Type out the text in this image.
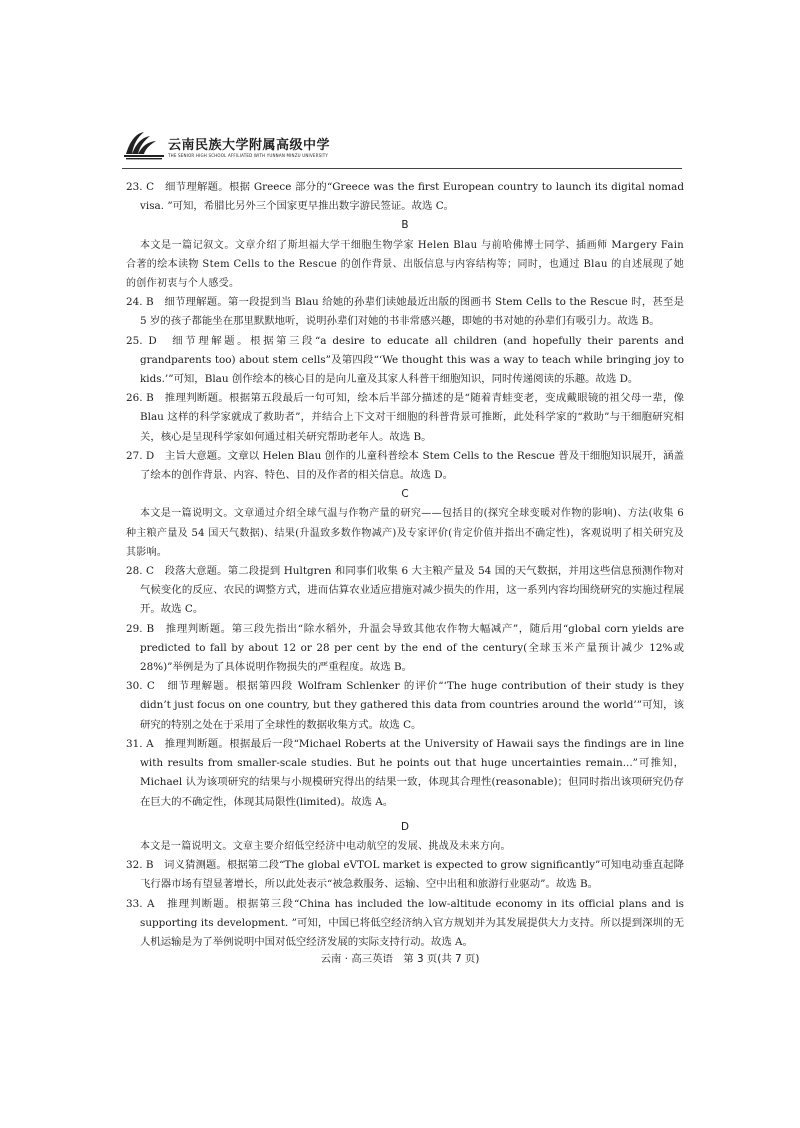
云南民族大学附属高级中学
THE SENIOR HIGH SCHOOL AFFILIATED WITH YUNNAN MINZU UNIVERSITY

23. C　细节理解题。根据 Greece 部分的“Greece was the first European country to launch its digital nomad visa. ”可知，希腊比另外三个国家更早推出数字游民签证。故选 C。

B

本文是一篇记叙文。文章介绍了斯坦福大学干细胞生物学家 Helen Blau 与前哈佛博士同学、插画师 Margery Fain 合著的绘本读物 Stem Cells to the Rescue 的创作背景、出版信息与内容结构等；同时，也通过 Blau 的自述展现了她的创作初衷与个人感受。

24. B　细节理解题。第一段提到当 Blau 给她的孙辈们读她最近出版的图画书 Stem Cells to the Rescue 时，甚至是 5 岁的孩子都能坐在那里默默地听，说明孙辈们对她的书非常感兴趣，即她的书对她的孙辈们有吸引力。故选 B。

25. D　细节理解题。根据第三段“a desire to educate all children (and hopefully their parents and grandparents too) about stem cells”及第四段“‘We thought this was a way to teach while bringing joy to kids.’”可知，Blau 创作绘本的核心目的是向儿童及其家人科普干细胞知识，同时传递阅读的乐趣。故选 D。

26. B　推理判断题。根据第五段最后一句可知，绘本后半部分描述的是“随着青蛙变老，变成戴眼镜的祖父母一辈，像 Blau 这样的科学家就成了救助者”，并结合上下文对干细胞的科普背景可推断，此处科学家的“救助”与干细胞研究相关，核心是呈现科学家如何通过相关研究帮助老年人。故选 B。

27. D　主旨大意题。文章以 Helen Blau 创作的儿童科普绘本 Stem Cells to the Rescue 普及干细胞知识展开，涵盖了绘本的创作背景、内容、特色、目的及作者的相关信息。故选 D。

C

本文是一篇说明文。文章通过介绍全球气温与作物产量的研究——包括目的(探究全球变暖对作物的影响)、方法(收集 6 种主粮产量及 54 国天气数据)、结果(升温致多数作物减产)及专家评价(肯定价值并指出不确定性)，客观说明了相关研究及其影响。

28. C　段落大意题。第二段提到 Hultgren 和同事们收集 6 大主粮产量及 54 国的天气数据，并用这些信息预测作物对气候变化的反应、农民的调整方式，进而估算农业适应措施对减少损失的作用，这一系列内容均围绕研究的实施过程展开。故选 C。

29. B　推理判断题。第三段先指出“除水稻外，升温会导致其他农作物大幅减产”，随后用“global corn yields are predicted to fall by about 12 or 28 per cent by the end of the century(全球玉米产量预计减少 12%或 28%)”举例是为了具体说明作物损失的严重程度。故选 B。

30. C　细节理解题。根据第四段 Wolfram Schlenker 的评价“‘The huge contribution of their study is they didn’t just focus on one country, but they gathered this data from countries around the world’”可知，该研究的特别之处在于采用了全球性的数据收集方式。故选 C。

31. A　推理判断题。根据最后一段“Michael Roberts at the University of Hawaii says the findings are in line with results from smaller-scale studies. But he points out that huge uncertainties remain...”可推知，Michael 认为该项研究的结果与小规模研究得出的结果一致，体现其合理性(reasonable)；但同时指出该项研究仍存在巨大的不确定性，体现其局限性(limited)。故选 A。

D

本文是一篇说明文。文章主要介绍低空经济中电动航空的发展、挑战及未来方向。

32. B　词义猜测题。根据第二段“The global eVTOL market is expected to grow significantly”可知电动垂直起降飞行器市场有望显著增长，所以此处表示“被急救服务、运输、空中出租和旅游行业驱动”。故选 B。

33. A　推理判断题。根据第三段“China has included the low-altitude economy in its official plans and is supporting its development. ”可知，中国已将低空经济纳入官方规划并为其发展提供大力支持。所以提到深圳的无人机运输是为了举例说明中国对低空经济发展的实际支持行动。故选 A。

云南 · 高三英语　第 3 页(共 7 页)
